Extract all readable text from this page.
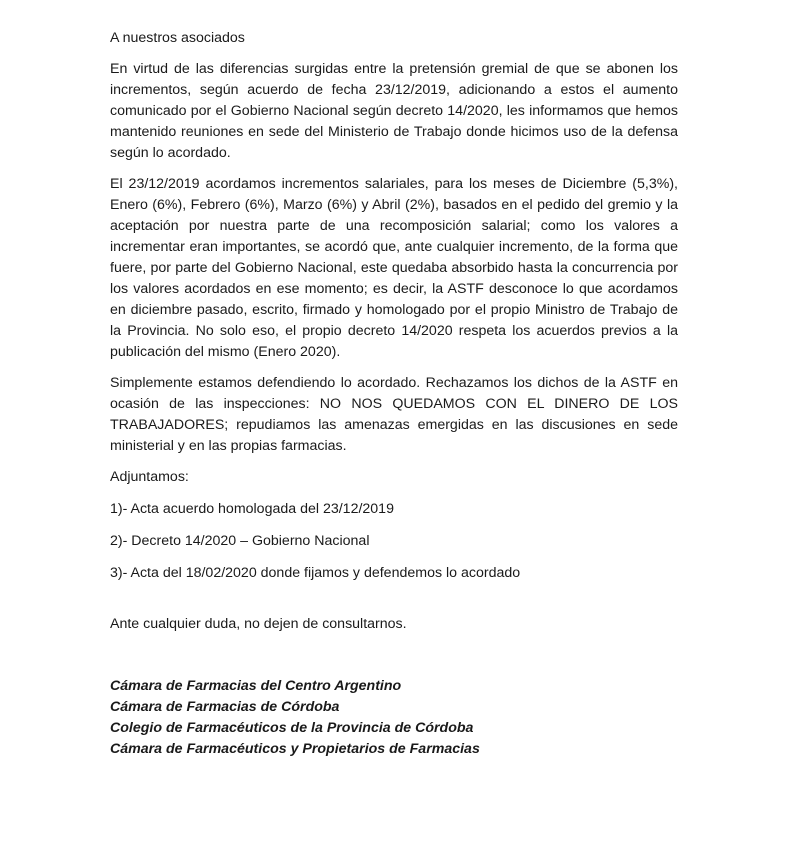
A nuestros asociados

En virtud de las diferencias surgidas entre la pretensión gremial de que se abonen los incrementos, según acuerdo de fecha 23/12/2019, adicionando a estos el aumento comunicado por el Gobierno Nacional según decreto 14/2020, les informamos que hemos mantenido reuniones en sede del Ministerio de Trabajo donde hicimos uso de la defensa según lo acordado.

El 23/12/2019 acordamos incrementos salariales, para los meses de Diciembre (5,3%), Enero (6%), Febrero (6%), Marzo (6%) y Abril (2%), basados en el pedido del gremio y la aceptación por nuestra parte de una recomposición salarial; como los valores a incrementar eran importantes, se acordó que, ante cualquier incremento, de la forma que fuere, por parte del Gobierno Nacional, este quedaba absorbido hasta la concurrencia por los valores acordados en ese momento; es decir, la ASTF desconoce lo que acordamos en diciembre pasado, escrito, firmado y homologado por el propio Ministro de Trabajo de la Provincia. No solo eso, el propio decreto 14/2020 respeta los acuerdos previos a la publicación del mismo (Enero 2020).

Simplemente estamos defendiendo lo acordado. Rechazamos los dichos de la ASTF en ocasión de las inspecciones: NO NOS QUEDAMOS CON EL DINERO DE LOS TRABAJADORES; repudiamos las amenazas emergidas en las discusiones en sede ministerial y en las propias farmacias.

Adjuntamos:

1)- Acta acuerdo homologada del 23/12/2019
2)- Decreto 14/2020 – Gobierno Nacional
3)- Acta del 18/02/2020 donde fijamos y defendemos lo acordado

Ante cualquier duda, no dejen de consultarnos.

Cámara de Farmacias del Centro Argentino
Cámara de Farmacias de Córdoba
Colegio de Farmacéuticos de la Provincia de Córdoba
Cámara de Farmacéuticos y Propietarios de Farmacias
